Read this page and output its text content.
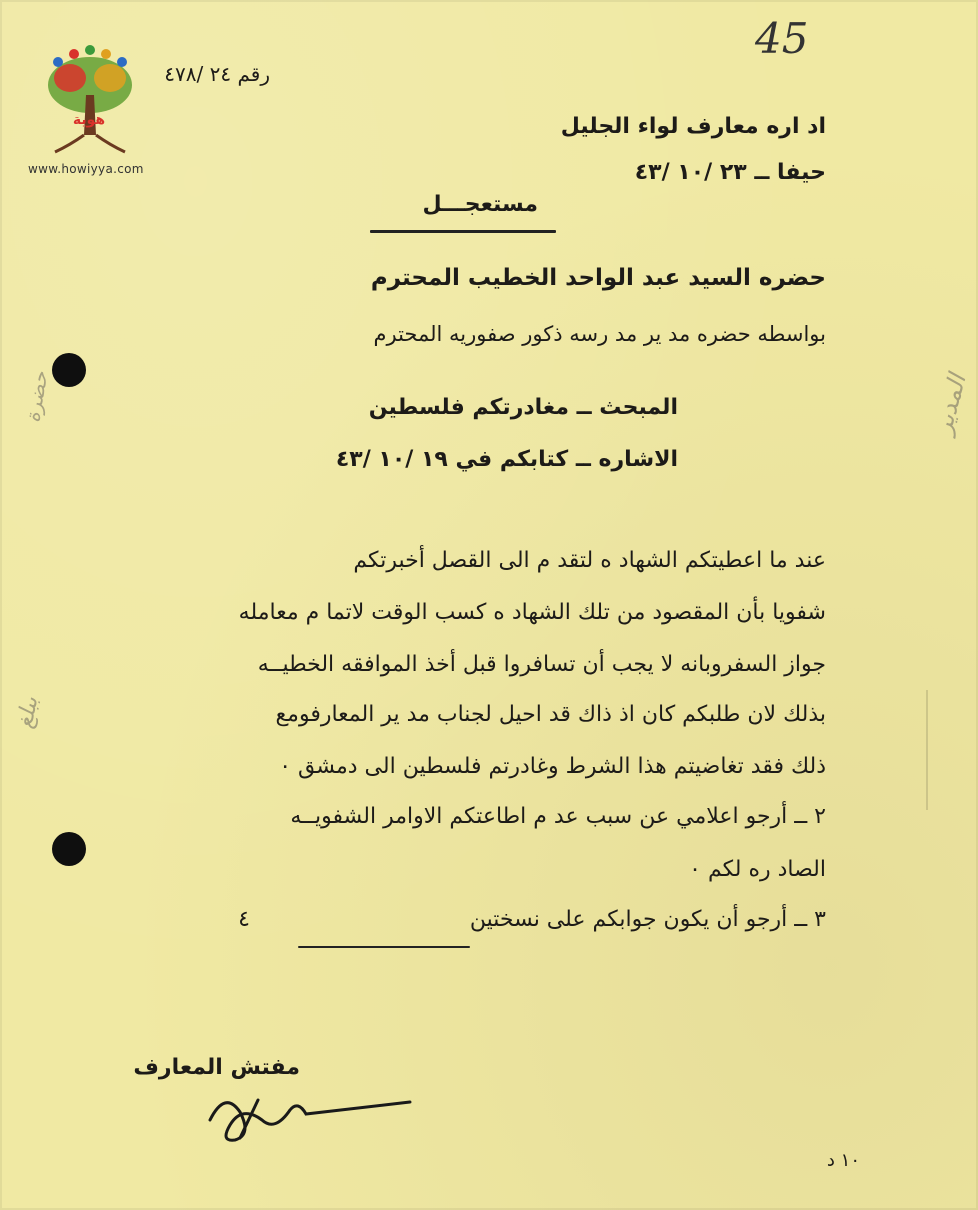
هوية
www.howiyya.com
45
رقم ٢٤ /٤٧٨
اد اره معارف لواء الجليل
حيفا ــ ٢٣ /١٠ /٤٣
مستعجـــل
حضره السيد عبد الواحد الخطيب المحترم
بواسطه حضره مد ير مد رسه ذكور صفوريه المحترم
المبحث ــ مغادرتكم فلسطين
الاشاره ــ كتابكم في ١٩ /١٠ /٤٣
عند ما اعطيتكم الشهاد ه لتقد م الى القصل أخبرتكم
شفويا بأن المقصود من تلك الشهاد ه كسب الوقت لاتما م معامله
جواز السفروبانه لا يجب أن تسافروا قبل أخذ الموافقه الخطيــه
بذلك لان طلبكم كان اذ ذاك قد احيل لجناب مد ير المعارفومع
ذلك فقد تغاضيتم هذا الشرط وغادرتم فلسطين الى دمشق ٠
٢ ــ أرجو اعلامي عن سبب عد م اطاعتكم الاوامر الشفويــه
الصاد ره لكم ٠
٣ ــ أرجو أن يكون جوابكم على نسختين
٤
مفتش المعارف
١٠ د
حضرة	المدير
ببلغ
